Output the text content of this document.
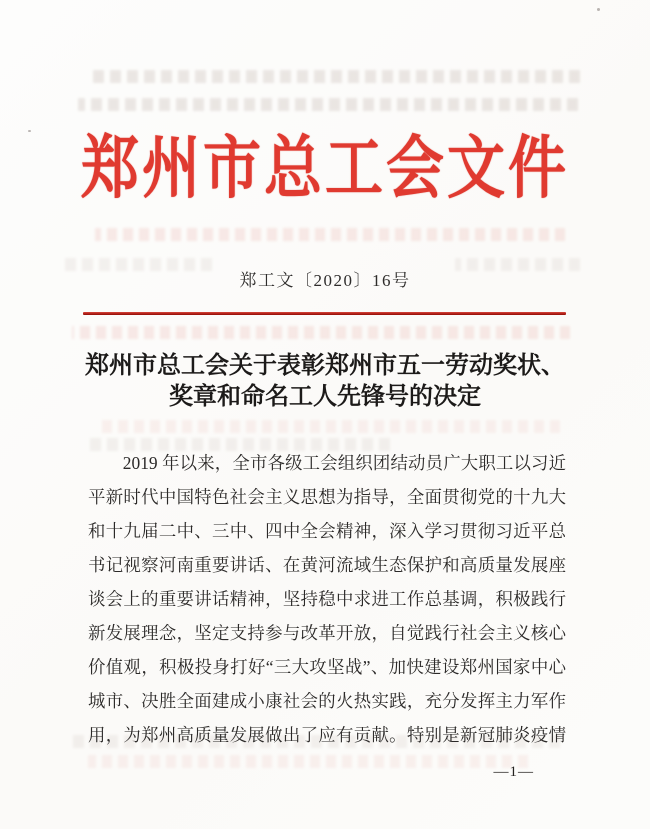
郑州市总工会文件
郑工文〔2020〕16号
郑州市总工会关于表彰郑州市五一劳动奖状、
奖章和命名工人先锋号的决定
2019 年以来，全市各级工会组织团结动员广大职工以习近
平新时代中国特色社会主义思想为指导，全面贯彻党的十九大
和十九届二中、三中、四中全会精神，深入学习贯彻习近平总
书记视察河南重要讲话、在黄河流域生态保护和高质量发展座
谈会上的重要讲话精神，坚持稳中求进工作总基调，积极践行
新发展理念，坚定支持参与改革开放，自觉践行社会主义核心
价值观，积极投身打好“三大攻坚战”、加快建设郑州国家中心
城市、决胜全面建成小康社会的火热实践，充分发挥主力军作
用，为郑州高质量发展做出了应有贡献。特别是新冠肺炎疫情
—1—
